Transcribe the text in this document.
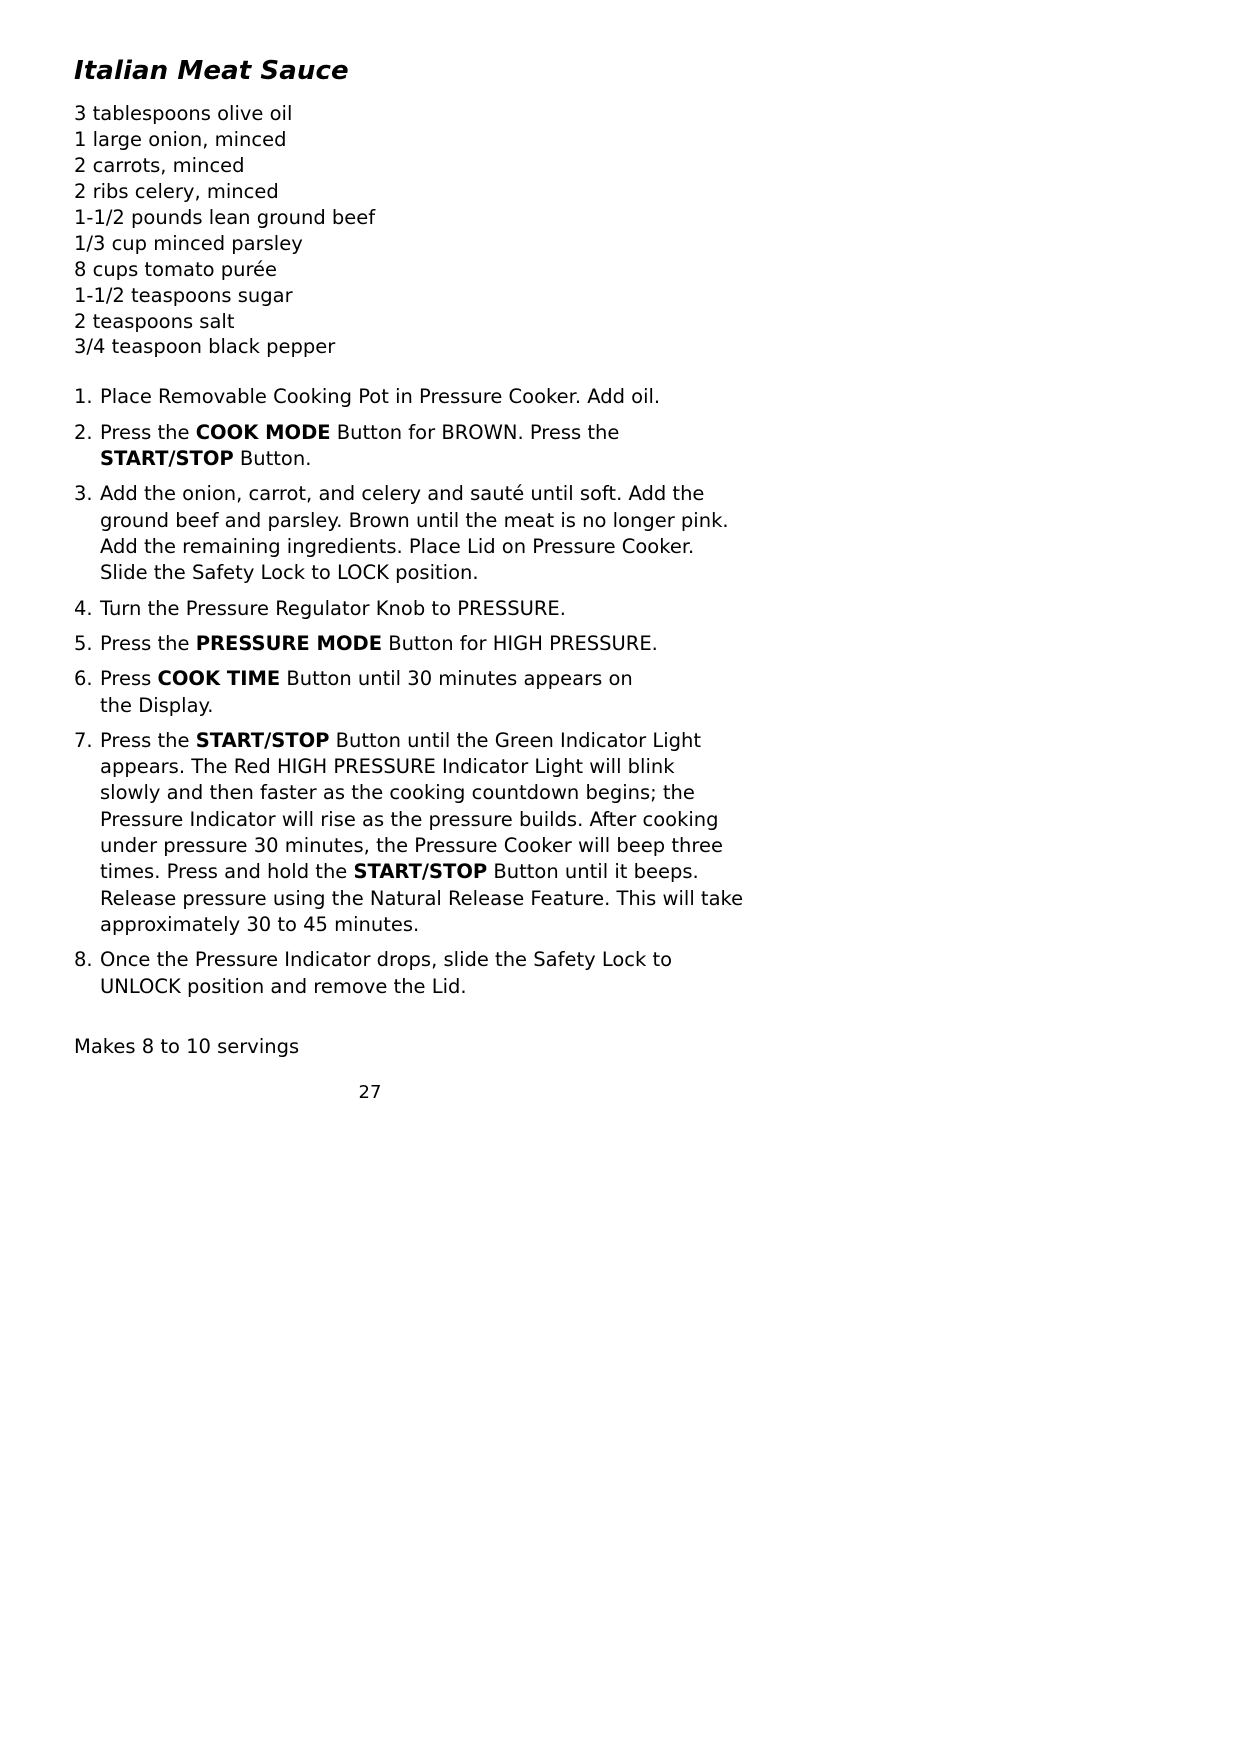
Italian Meat Sauce
3 tablespoons olive oil
1 large onion, minced
2 carrots, minced
2 ribs celery, minced
1-1/2 pounds lean ground beef
1/3 cup minced parsley
8 cups tomato purée
1-1/2 teaspoons sugar
2 teaspoons salt
3/4 teaspoon black pepper
1. Place Removable Cooking Pot in Pressure Cooker. Add oil.
2. Press the COOK MODE Button for BROWN. Press the
START/STOP Button.
3. Add the onion, carrot, and celery and sauté until soft. Add the
ground beef and parsley. Brown until the meat is no longer pink.
Add the remaining ingredients. Place Lid on Pressure Cooker.
Slide the Safety Lock to LOCK position.
4. Turn the Pressure Regulator Knob to PRESSURE.
5. Press the PRESSURE MODE Button for HIGH PRESSURE.
6. Press COOK TIME Button until 30 minutes appears on
the Display.
7. Press the START/STOP Button until the Green Indicator Light
appears. The Red HIGH PRESSURE Indicator Light will blink
slowly and then faster as the cooking countdown begins; the
Pressure Indicator will rise as the pressure builds. After cooking
under pressure 30 minutes, the Pressure Cooker will beep three
times. Press and hold the START/STOP Button until it beeps.
Release pressure using the Natural Release Feature. This will take
approximately 30 to 45 minutes.
8. Once the Pressure Indicator drops, slide the Safety Lock to
UNLOCK position and remove the Lid.
Makes 8 to 10 servings
27
